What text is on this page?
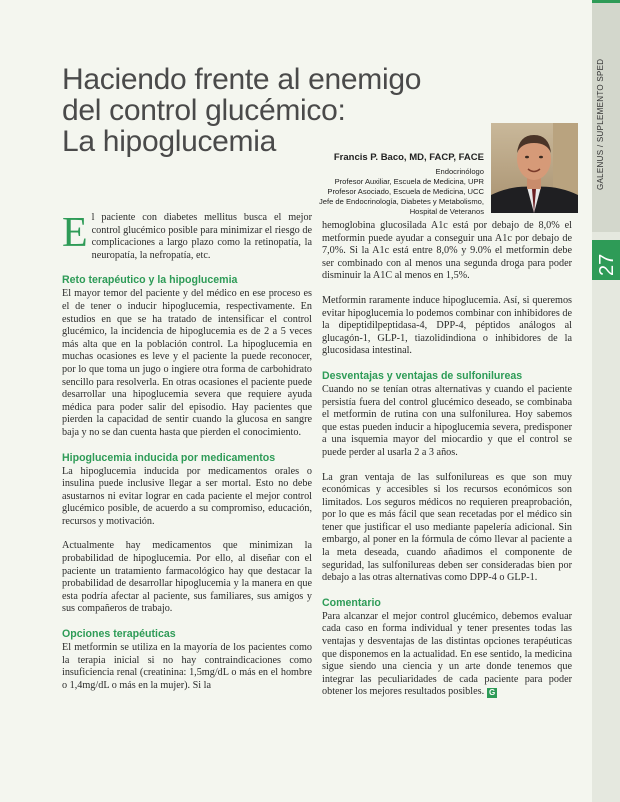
Haciendo frente al enemigo
del control glucémico:
La hipoglucemia	Francis P. Baco, MD, FACP, FACE
Endocrinólogo
Profesor Auxiliar, Escuela de Medicina, UPR
Profesor Asociado, Escuela de Medicina, UCC
Jefe de Endocrinología, Diabetes y Metabolismo,
Hospital de Veteranos

El paciente con diabetes mellitus busca el mejor control glucémico posible para minimizar el riesgo de complicaciones a largo plazo como la retinopatía, la neuropatía, la nefropatía, etc.

Reto terapéutico y la hipoglucemia

El mayor temor del paciente y del médico en ese proceso es el de tener o inducir hipoglucemia, respectivamente. En estudios en que se ha tratado de intensificar el control glucémico, la incidencia de hipoglucemia es de 2 a 5 veces más alta que en la población control. La hipoglucemia en muchas ocasiones es leve y el paciente la puede reconocer, por lo que toma un jugo o ingiere otra forma de carbohidrato sencillo para resolverla. En otras ocasiones el paciente puede desarrollar una hipoglucemia severa que requiere ayuda médica para poder salir del episodio. Hay pacientes que pierden la capacidad de sentir cuando la glucosa en sangre baja y no se dan cuenta hasta que pierden el conocimiento.

Hipoglucemia inducida por medicamentos

La hipoglucemia inducida por medicamentos orales o insulina puede inclusive llegar a ser mortal. Esto no debe asustarnos ni evitar lograr en cada paciente el mejor control glucémico posible, de acuerdo a su compromiso, educación, recursos y motivación.

Actualmente hay medicamentos que minimizan la probabilidad de hipoglucemia. Por ello, al diseñar con el paciente un tratamiento farmacológico hay que destacar la probabilidad de desarrollar hipoglucemia y la manera en que esta podría afectar al paciente, sus familiares, sus amigos y sus compañeros de trabajo.

Opciones terapéuticas

El metformin se utiliza en la mayoría de los pacientes como la terapia inicial si no hay contraindicaciones como insuficiencia renal (creatinina: 1,5mg/dL o más en el hombre o 1,4mg/dL o más en la mujer). Si la

hemoglobina glucosilada A1c está por debajo de 8,0% el metformin puede ayudar a conseguir una A1c por debajo de 7,0%. Si la A1c está entre 8,0% y 9.0% el metformin debe ser combinado con al menos una segunda droga para poder disminuir la A1C al menos en 1,5%.

Metformin raramente induce hipoglucemia. Así, si queremos evitar hipoglucemia lo podemos combinar con inhibidores de la dipeptidilpeptidasa-4, DPP-4, péptidos análogos al glucagón-1, GLP-1, tiazolidindiona o inhibidores de la glucosidasa intestinal.

Desventajas y ventajas de sulfonilureas

Cuando no se tenían otras alternativas y cuando el paciente persistía fuera del control glucémico deseado, se combinaba el metformin de rutina con una sulfonilurea. Hoy sabemos que estas pueden inducir a hipoglucemia severa, predisponer a una isquemia mayor del miocardio y que el control se puede perder al usarla 2 a 3 años.

La gran ventaja de las sulfonilureas es que son muy económicas y accesibles si los recursos económicos son limitados. Los seguros médicos no requieren preaprobación, por lo que es más fácil que sean recetadas por el médico sin tener que justificar el uso mediante papelería adicional. Sin embargo, al poner en la fórmula de cómo llevar al paciente a la meta deseada, cuando añadimos el componente de seguridad, las sulfonilureas deben ser consideradas bien por debajo a las otras alternativas como DPP-4 o GLP-1.

Comentario

Para alcanzar el mejor control glucémico, debemos evaluar cada caso en forma individual y tener presentes todas las ventajas y desventajas de las distintas opciones terapéuticas que disponemos en la actualidad. En ese sentido, la medicina sigue siendo una ciencia y un arte donde tenemos que integrar las peculiaridades de cada paciente para poder obtener los mejores resultados posibles. G

GALENUS / SUPLEMENTO SPED
27
